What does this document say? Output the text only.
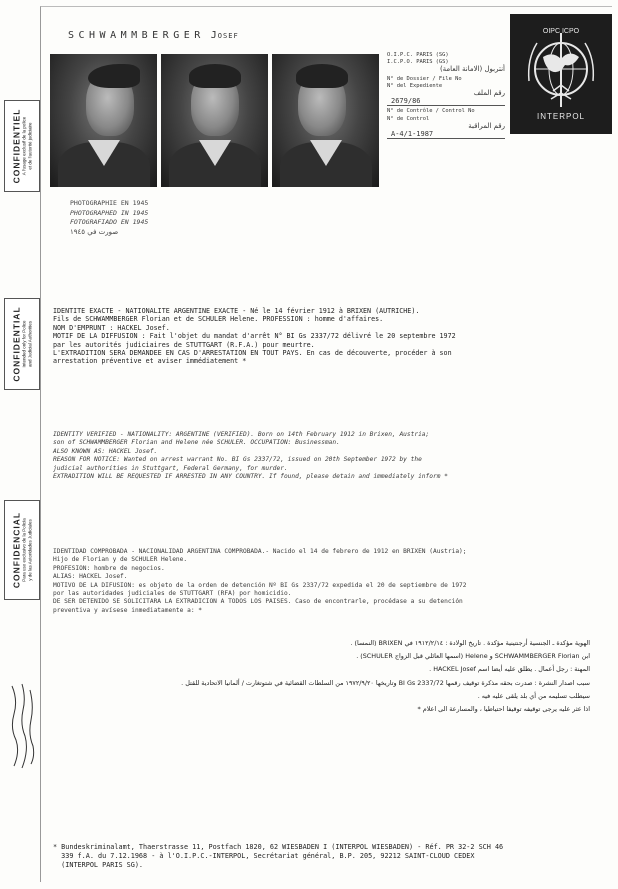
SCHWAMMBERGER Josef
PHOTOGRAPHIE EN 1945
PHOTOGRAPHED IN 1945
FOTOGRAFIADO EN 1945
صورت في ١٩٤٥
O.I.P.C. PARIS (SG)
I.C.P.O. PARIS (GS)
أنتربول (الامانة العامة)
N° de Dossier / File No
N° del Expediente
رقم الملف
2679/86
N° de Contrôle / Control No
N° de Control
رقم المراقبة
A-4/1-1987
OIPC ICPO
INTERPOL
CONFIDENTIEL A l'usage exclusif de la police et de l'autorité judiciaire
CONFIDENTIAL Intended only for Police and Judicial Authorities
CONFIDENCIAL Para uso exclusivo de la Policía y de las Autoridades Judiciales
IDENTITE EXACTE - NATIONALITE ARGENTINE EXACTE - Né le 14 février 1912 à BRIXEN (AUTRICHE).
Fils de SCHWAMMBERGER Florian et de SCHULER Helene. PROFESSION : homme d'affaires.
NOM D'EMPRUNT : HACKEL Josef.
MOTIF DE LA DIFFUSION : Fait l'objet du mandat d'arrêt N° BI Gs 2337/72 délivré le 20 septembre 1972
par les autorités judiciaires de STUTTGART (R.F.A.) pour meurtre.
L'EXTRADITION SERA DEMANDEE EN CAS D'ARRESTATION EN TOUT PAYS. En cas de découverte, procéder à son
arrestation préventive et aviser immédiatement *
IDENTITY VERIFIED - NATIONALITY: ARGENTINE (VERIFIED). Born on 14th February 1912 in Brixen, Austria;
son of SCHWAMMBERGER Florian and Helene née SCHULER. OCCUPATION: Businessman.
ALSO KNOWN AS: HACKEL Josef.
REASON FOR NOTICE: Wanted on arrest warrant No. BI Gs 2337/72, issued on 20th September 1972 by the
judicial authorities in Stuttgart, Federal Germany, for murder.
EXTRADITION WILL BE REQUESTED IF ARRESTED IN ANY COUNTRY. If found, please detain and immediately inform *
IDENTIDAD COMPROBADA - NACIONALIDAD ARGENTINA COMPROBADA.- Nacido el 14 de febrero de 1912 en BRIXEN (Austria);
Hijo de Florian y de SCHULER Helene.
PROFESION: hombre de negocios.
ALIAS: HACKEL Josef.
MOTIVO DE LA DIFUSION: es objeto de la orden de detención Nº BI Gs 2337/72 expedida el 20 de septiembre de 1972
por las autoridades judiciales de STUTTGART (RFA) por homicidio.
DE SER DETENIDO SE SOLICITARA LA EXTRADICION A TODOS LOS PAISES. Caso de encontrarle, procédase a su detención
preventiva y avísese inmediatamente a: *
الهوية مؤكدة ـ الجنسية أرجنتينية مؤكدة . تاريخ الولادة : ١٩١٢/٢/١٤ في BRIXEN (النمسا) .
ابن SCHWAMMBERGER Florian و Helene (اسمها العائلي قبل الزواج SCHULER) .
المهنة : رجل أعمال . يطلق عليه أيضا اسم HACKEL Josef .
سبب اصدار النشرة : صدرت بحقه مذكرة توقيف رقمها BI Gs 2337/72 وتاريخها ١٩٧٢/٩/٢٠ من السلطات القضائية في شتوتغارت / ألمانيا الاتحادية للقتل .
سيطلب تسليمه من أي بلد يلقى عليه فيه .
اذا عثر عليه يرجى توقيفه توقيفا احتياطيا ، والمسارعة الى اعلام *
* Bundeskriminalamt, Thaerstrasse 11, Postfach 1820, 62 WIESBADEN I (INTERPOL WIESBADEN) - Réf. PR 32-2 SCH 46
339 f.A. du 7.12.1968 - à l'O.I.P.C.-INTERPOL, Secrétariat général, B.P. 205, 92212 SAINT-CLOUD CEDEX
(INTERPOL PARIS SG).
